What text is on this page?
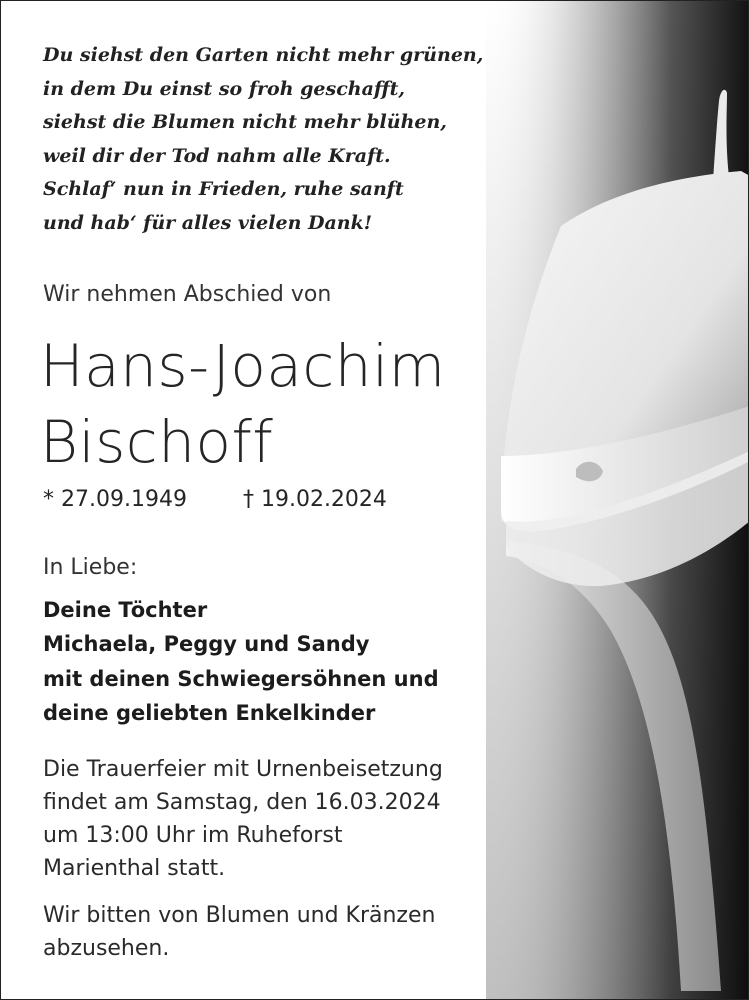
Du siehst den Garten nicht mehr grünen,
in dem Du einst so froh geschafft,
siehst die Blumen nicht mehr blühen,
weil dir der Tod nahm alle Kraft.
Schlaf‘ nun in Frieden, ruhe sanft
und hab‘ für alles vielen Dank!
Wir nehmen Abschied von
Hans-Joachim
Bischoff
* 27.09.1949	† 19.02.2024
In Liebe:
Deine Töchter
Michaela, Peggy und Sandy
mit deinen Schwiegersöhnen und
deine geliebten Enkelkinder
Die Trauerfeier mit Urnenbeisetzung
findet am Samstag, den 16.03.2024
um 13:00 Uhr im Ruheforst
Marienthal statt.
Wir bitten von Blumen und Kränzen
abzusehen.
